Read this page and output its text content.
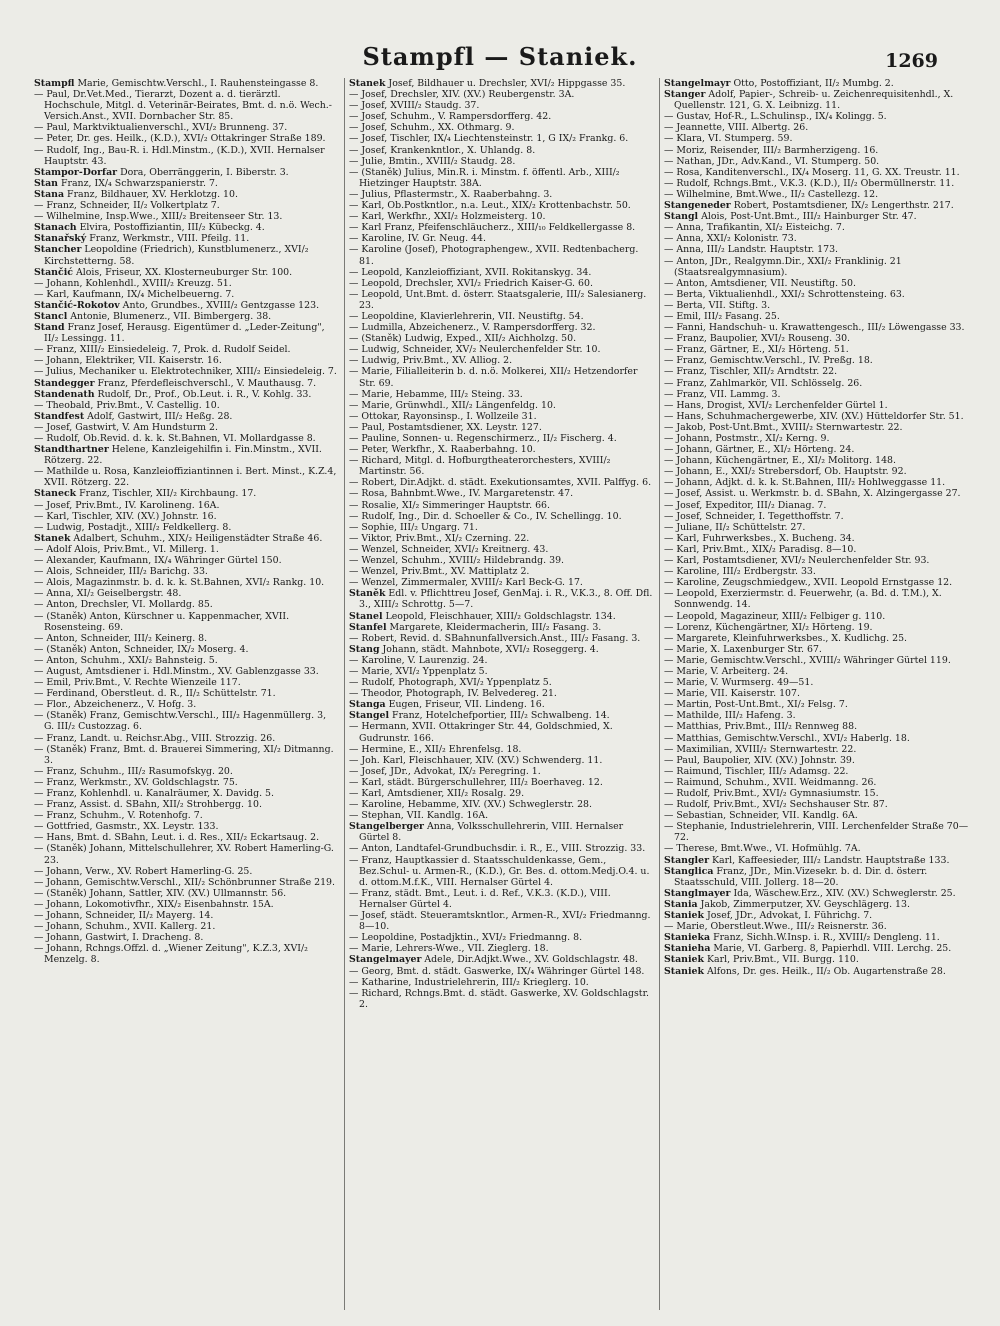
Stampfl — Staniek.	1269
Stampfl Marie, Gemischtw.Verschl., I. Rauhensteingasse 8.
— Paul, Dr.Vet.Med., Tierarzt, Dozent a. d. tierärztl. Hochschule, Mitgl. d. Veterinär-Beirates, Bmt. d. n.ö. Wech.-Versich.Anst., XVII. Dornbacher Str. 85.
— Paul, Marktviktualienverschl., XVI/₂ Brunneng. 37.
— Peter, Dr. ges. Heilk., (K.D.), XVI/₂ Ottakringer Straße 189.
— Rudolf, Ing., Bau-R. i. Hdl.Minstm., (K.D.), XVII. Hernalser Hauptstr. 43.
Stampor-Dorfar Dora, Oberränggerin, I. Biberstr. 3.
Stan Franz, IX/₄ Schwarzspanierstr. 7.
Stana Franz, Bildhauer, XV. Herklotzg. 10.
— Franz, Schneider, II/₂ Volkertplatz 7.
— Wilhelmine, Insp.Wwe., XIII/₂ Breitenseer Str. 13.
Stanach Elvira, Postoffiziantin, III/₂ Kübeckg. 4.
Stanařský Franz, Werkmstr., VIII. Pfeilg. 11.
Stancher Leopoldine (Friedrich), Kunstblumenerz., XVI/₂ Kirchstetterng. 58.
Stančić Alois, Friseur, XX. Klosterneuburger Str. 100.
— Johann, Kohlenhdl., XVIII/₂ Kreuzg. 51.
— Karl, Kaufmann, IX/₄ Michelbeuerng. 7.
Stančić-Rokotov Anto, Grundbes., XVIII/₂ Gentzgasse 123.
Stancl Antonie, Blumenerz., VII. Bimbergerg. 38.
Stand Franz Josef, Herausg. Eigentümer d. „Leder-Zeitung", II/₂ Lessingg. 11.
— Franz, XIII/₂ Einsiedeleig. 7, Prok. d. Rudolf Seidel.
— Johann, Elektriker, VII. Kaiserstr. 16.
— Julius, Mechaniker u. Elektrotechniker, XIII/₂ Einsiedeleig. 7.
Standegger Franz, Pferdefleischverschl., V. Mauthausg. 7.
Standenath Rudolf, Dr., Prof., Ob.Leut. i. R., V. Kohlg. 33.
— Theobald, Priv.Bmt., V. Castellig. 10.
Standfest Adolf, Gastwirt, III/₂ Heßg. 28.
— Josef, Gastwirt, V. Am Hundsturm 2.
— Rudolf, Ob.Revid. d. k. k. St.Bahnen, VI. Mollardgasse 8.
Standthartner Helene, Kanzleigehilfin i. Fin.Minstm., XVII. Rötzerg. 22.
— Mathilde u. Rosa, Kanzleioffiziantinnen i. Bert. Minst., K.Z.4, XVII. Rötzerg. 22.
Staneck Franz, Tischler, XII/₂ Kirchbaung. 17.
— Josef, Priv.Bmt., IV. Karolineng. 16A.
— Karl, Tischler, XIV. (XV.) Johnstr. 16.
— Ludwig, Postadjt., XIII/₂ Feldkellerg. 8.
Stanek Adalbert, Schuhm., XIX/₂ Heiligenstädter Straße 46.
— Adolf Alois, Priv.Bmt., VI. Millerg. 1.
— Alexander, Kaufmann, IX/₄ Währinger Gürtel 150.
— Alois, Schneider, III/₂ Barichg. 33.
— Alois, Magazinmstr. b. d. k. k. St.Bahnen, XVI/₂ Rankg. 10.
— Anna, XI/₂ Geiselbergstr. 48.
— Anton, Drechsler, VI. Mollardg. 85.
— (Staněk) Anton, Kürschner u. Kappenmacher, XVII. Rosensteing. 69.
— Anton, Schneider, III/₂ Keinerg. 8.
— (Staněk) Anton, Schneider, IX/₂ Moserg. 4.
— Anton, Schuhm., XXI/₂ Bahnsteig. 5.
— August, Amtsdiener i. Hdl.Minstm., XV. Gablenzgasse 33.
— Emil, Priv.Bmt., V. Rechte Wienzeile 117.
— Ferdinand, Oberstleut. d. R., II/₂ Schüttelstr. 71.
— Flor., Abzeichenerz., V. Hofg. 3.
— (Staněk) Franz, Gemischtw.Verschl., III/₂ Hagenmüllerg. 3, G. III/₂ Custozzag. 6.
— Franz, Landt. u. Reichsr.Abg., VIII. Strozzig. 26.
— (Staněk) Franz, Bmt. d. Brauerei Simmering, XI/₂ Ditmanng. 3.
— Franz, Schuhm., III/₂ Rasumofskyg. 20.
— Franz, Werkmstr., XV. Goldschlagstr. 75.
— Franz, Kohlenhdl. u. Kanalräumer, X. Davidg. 5.
— Franz, Assist. d. SBahn, XII/₂ Strohbergg. 10.
— Franz, Schuhm., V. Rotenhofg. 7.
— Gottfried, Gasmstr., XX. Leystr. 133.
— Hans, Bmt. d. SBahn, Leut. i. d. Res., XII/₂ Eckartsaug. 2.
— (Staněk) Johann, Mittelschullehrer, XV. Robert Hamerling-G. 23.
— Johann, Verw., XV. Robert Hamerling-G. 25.
— Johann, Gemischtw.Verschl., XII/₂ Schönbrunner Straße 219.
— (Staněk) Johann, Sattler, XIV. (XV.) Ullmannstr. 56.
— Johann, Lokomotivfhr., XIX/₂ Eisenbahnstr. 15A.
— Johann, Schneider, II/₂ Mayerg. 14.
— Johann, Schuhm., XVII. Kallerg. 21.
— Johann, Gastwirt, I. Dracheng. 8.
— Johann, Rchngs.Offzl. d. „Wiener Zeitung", K.Z.3, XVI/₂ Menzelg. 8.
Stanek Josef, Bildhauer u. Drechsler, XVI/₂ Hippgasse 35.
— Josef, Drechsler, XIV. (XV.) Reubergenstr. 3A.
— Josef, XVIII/₂ Staudg. 37.
— Josef, Schuhm., V. Rampersdorfferg. 42.
— Josef, Schuhm., XX. Othmarg. 9.
— Josef, Tischler, IX/₄ Liechtensteinstr. 1, G IX/₂ Frankg. 6.
— Josef, Krankenkntlor., X. Uhlandg. 8.
— Julie, Bmtin., XVIII/₂ Staudg. 28.
— (Staněk) Julius, Min.R. i. Minstm. f. öffentl. Arb., XIII/₂ Hietzinger Hauptstr. 38A.
— Julius, Pflastermstr., X. Raaberbahng. 3.
— Karl, Ob.Postkntlor., n.a. Leut., XIX/₂ Krottenbachstr. 50.
— Karl, Werkfhr., XXI/₂ Holzmeisterg. 10.
— Karl Franz, Pfeifenschläucherz., XIII/₁₀ Feldkellergasse 8.
— Karoline, IV. Gr. Neug. 44.
— Karoline (Josef), Photographengew., XVII. Redtenbacherg. 81.
— Leopold, Kanzleioffiziant, XVII. Rokitanskyg. 34.
— Leopold, Drechsler, XVI/₂ Friedrich Kaiser-G. 60.
— Leopold, Unt.Bmt. d. österr. Staatsgalerie, III/₂ Salesianerg. 23.
— Leopoldine, Klavierlehrerin, VII. Neustiftg. 54.
— Ludmilla, Abzeichenerz., V. Rampersdorfferg. 32.
— (Staněk) Ludwig, Exped., XII/₂ Aichholzg. 50.
— Ludwig, Schneider, XV/₂ Neulerchenfelder Str. 10.
— Ludwig, Priv.Bmt., XV. Alliog. 2.
— Marie, Filialleiterin b. d. n.ö. Molkerei, XII/₂ Hetzendorfer Str. 69.
— Marie, Hebamme, III/₂ Steing. 33.
— Marie, Grünwhdl., XII/₂ Längenfeldg. 10.
— Ottokar, Rayonsinsp., I. Wollzeile 31.
— Paul, Postamtsdiener, XX. Leystr. 127.
— Pauline, Sonnen- u. Regenschirmerz., II/₂ Fischerg. 4.
— Peter, Werkfhr., X. Raaberbahng. 10.
— Richard, Mitgl. d. Hofburgtheaterorchesters, XVIII/₂ Martinstr. 56.
— Robert, Dir.Adjkt. d. städt. Exekutionsamtes, XVII. Palffyg. 6.
— Rosa, Bahnbmt.Wwe., IV. Margaretenstr. 47.
— Rosalie, XI/₂ Simmeringer Hauptstr. 66.
— Rudolf, Ing., Dir. d. Schoeller & Co., IV. Schellingg. 10.
— Sophie, III/₂ Ungarg. 71.
— Viktor, Priv.Bmt., XI/₂ Czerning. 22.
— Wenzel, Schneider, XVI/₂ Kreitnerg. 43.
— Wenzel, Schuhm., XVIII/₂ Hildebrandg. 39.
— Wenzel, Priv.Bmt., XV. Mattiplatz 2.
— Wenzel, Zimmermaler, XVIII/₂ Karl Beck-G. 17.
Staněk Edl. v. Pflichttreu Josef, GenMaj. i. R., V.K.3., 8. Off. Dfl. 3., XIII/₂ Schrottg. 5—7.
Stanel Leopold, Fleischhauer, XIII/₂ Goldschlagstr. 134.
Stanfel Margarete, Kleidermacherin, III/₂ Fasang. 3.
— Robert, Revid. d. SBahnunfallversich.Anst., III/₂ Fasang. 3.
Stang Johann, städt. Mahnbote, XVI/₂ Roseggerg. 4.
— Karoline, V. Laurenzig. 24.
— Marie, XVI/₂ Yppenplatz 5.
— Rudolf, Photograph, XVI/₂ Yppenplatz 5.
— Theodor, Photograph, IV. Belvedereg. 21.
Stanga Eugen, Friseur, VII. Lindeng. 16.
Stangel Franz, Hotelchefportier, III/₂ Schwalbeng. 14.
— Hermann, XVII. Ottakringer Str. 44, Goldschmied, X. Gudrunstr. 166.
— Hermine, E., XII/₂ Ehrenfelsg. 18.
— Joh. Karl, Fleischhauer, XIV. (XV.) Schwenderg. 11.
— Josef, JDr., Advokat, IX/₂ Peregring. 1.
— Karl, städt. Bürgerschullehrer, III/₂ Boerhaveg. 12.
— Karl, Amtsdiener, XII/₂ Rosalg. 29.
— Karoline, Hebamme, XIV. (XV.) Schweglerstr. 28.
— Stephan, VII. Kandlg. 16A.
Stangelberger Anna, Volksschullehrerin, VIII. Hernalser Gürtel 8.
— Anton, Landtafel-Grundbuchsdir. i. R., E., VIII. Strozzig. 33.
— Franz, Hauptkassier d. Staatsschuldenkasse, Gem., Bez.Schul- u. Armen-R., (K.D.), Gr. Bes. d. ottom.Medj.O.4. u. d. ottom.M.f.K., VIII. Hernalser Gürtel 4.
— Franz, städt. Bmt., Leut. i. d. Ref., V.K.3. (K.D.), VIII. Hernalser Gürtel 4.
— Josef, städt. Steueramtskntlor., Armen-R., XVI/₂ Friedmanng. 8—10.
— Leopoldine, Postadjktin., XVI/₂ Friedmanng. 8.
— Marie, Lehrers-Wwe., VII. Zieglerg. 18.
Stangelmayer Adele, Dir.Adjkt.Wwe., XV. Goldschlagstr. 48.
— Georg, Bmt. d. städt. Gaswerke, IX/₄ Währinger Gürtel 148.
— Katharine, Industrielehrerin, III/₂ Krieglerg. 10.
— Richard, Rchngs.Bmt. d. städt. Gaswerke, XV. Goldschlagstr. 2.
Stangelmayr Otto, Postoffiziant, II/₂ Mumbg. 2.
Stanger Adolf, Papier-, Schreib- u. Zeichenrequisitenhdl., X. Quellenstr. 121, G. X. Leibnizg. 11.
— Gustav, Hof-R., L.Schulinsp., IX/₄ Kolingg. 5.
— Jeannette, VIII. Albertg. 26.
— Klara, VI. Stumperg. 59.
— Moriz, Reisender, III/₂ Barmherzigeng. 16.
— Nathan, JDr., Adv.Kand., VI. Stumperg. 50.
— Rosa, Kanditenverschl., IX/₄ Moserg. 11, G. XX. Treustr. 11.
— Rudolf, Rchngs.Bmt., V.K.3. (K.D.), II/₂ Obermüllnerstr. 11.
— Wilhelmine, Bmt.Wwe., II/₂ Castellezg. 12.
Stangeneder Robert, Postamtsdiener, IX/₂ Lengerthstr. 217.
Stangl Alois, Post-Unt.Bmt., III/₂ Hainburger Str. 47.
— Anna, Trafikantin, XI/₂ Eisteichg. 7.
— Anna, XXI/₂ Kolonistr. 73.
— Anna, III/₂ Landstr. Hauptstr. 173.
— Anton, JDr., Realgymn.Dir., XXI/₂ Franklinig. 21 (Staatsrealgymnasium).
— Anton, Amtsdiener, VII. Neustiftg. 50.
— Berta, Viktualienhdl., XXI/₂ Schrottensteing. 63.
— Berta, VII. Stiftg. 3.
— Emil, III/₂ Fasang. 25.
— Fanni, Handschuh- u. Krawattengesch., III/₂ Löwengasse 33.
— Franz, Baupolier, XVI/₂ Rouseng. 30.
— Franz, Gärtner, E., XI/₂ Hörteng. 51.
— Franz, Gemischtw.Verschl., IV. Preßg. 18.
— Franz, Tischler, XII/₂ Arndtstr. 22.
— Franz, Zahlmarkör, VII. Schlösselg. 26.
— Franz, VII. Lammg. 3.
— Hans, Drogist, XVI/₂ Lerchenfelder Gürtel 1.
— Hans, Schuhmachergewerbe, XIV. (XV.) Hütteldorfer Str. 51.
— Jakob, Post-Unt.Bmt., XVIII/₂ Sternwartestr. 22.
— Johann, Postmstr., XI/₂ Kerng. 9.
— Johann, Gärtner, E., XI/₂ Hörteng. 24.
— Johann, Küchengärtner, E., XI/₂ Molitorg. 148.
— Johann, E., XXI/₂ Strebersdorf, Ob. Hauptstr. 92.
— Johann, Adjkt. d. k. k. St.Bahnen, III/₂ Hohlweggasse 11.
— Josef, Assist. u. Werkmstr. b. d. SBahn, X. Alzingergasse 27.
— Josef, Expeditor, III/₂ Dianag. 7.
— Josef, Schneider, I. Tegetthoffstr. 7.
— Juliane, II/₂ Schüttelstr. 27.
— Karl, Fuhrwerksbes., X. Bucheng. 34.
— Karl, Priv.Bmt., XIX/₂ Paradisg. 8—10.
— Karl, Postamtsdiener, XVI/₂ Neulerchenfelder Str. 93.
— Karoline, III/₂ Erdbergstr. 33.
— Karoline, Zeugschmiedgew., XVII. Leopold Ernstgasse 12.
— Leopold, Exerziermstr. d. Feuerwehr, (a. Bd. d. T.M.), X. Sonnwendg. 14.
— Leopold, Magazineur, XIII/₂ Felbiger g. 110.
— Lorenz, Küchengärtner, XI/₂ Hörteng. 19.
— Margarete, Kleinfuhrwerksbes., X. Kudlichg. 25.
— Marie, X. Laxenburger Str. 67.
— Marie, Gemischtw.Verschl., XVIII/₂ Währinger Gürtel 119.
— Marie, V. Arbeiterg. 24.
— Marie, V. Wurmserg. 49—51.
— Marie, VII. Kaiserstr. 107.
— Martin, Post-Unt.Bmt., XI/₂ Felsg. 7.
— Mathilde, III/₂ Hafeng. 3.
— Matthias, Priv.Bmt., III/₂ Rennweg 88.
— Matthias, Gemischtw.Verschl., XVI/₂ Haberlg. 18.
— Maximilian, XVIII/₂ Sternwartestr. 22.
— Paul, Baupolier, XIV. (XV.) Johnstr. 39.
— Raimund, Tischler, III/₂ Adamsg. 22.
— Raimund, Schuhm., XVII. Weidmanng. 26.
— Rudolf, Priv.Bmt., XVI/₂ Gymnasiumstr. 15.
— Rudolf, Priv.Bmt., XVI/₂ Sechshauser Str. 87.
— Sebastian, Schneider, VII. Kandlg. 6A.
— Stephanie, Industrielehrerin, VIII. Lerchenfelder Straße 70—72.
— Therese, Bmt.Wwe., VI. Hofmühlg. 7A.
Stangler Karl, Kaffeesieder, III/₂ Landstr. Hauptstraße 133.
Stanglica Franz, JDr., Min.Vizesekr. b. d. Dir. d. österr. Staatsschuld, VIII. Jollerg. 18—20.
Stanglmayer Ida, Wäschew.Erz., XIV. (XV.) Schweglerstr. 25.
Stania Jakob, Zimmerputzer, XV. Geyschlägerg. 13.
Staniek Josef, JDr., Advokat, I. Führichg. 7.
— Marie, Oberstleut.Wwe., III/₂ Reisnerstr. 36.
Stanieka Franz, Sichh.W.Insp. i. R., XVIII/₂ Dengleng. 11.
Stanieha Marie, VI. Garberg. 8, Papierhdl. VIII. Lerchg. 25.
Staniek Karl, Priv.Bmt., VII. Burgg. 110.
Staniek Alfons, Dr. ges. Heilk., II/₂ Ob. Augartenstraße 28.
